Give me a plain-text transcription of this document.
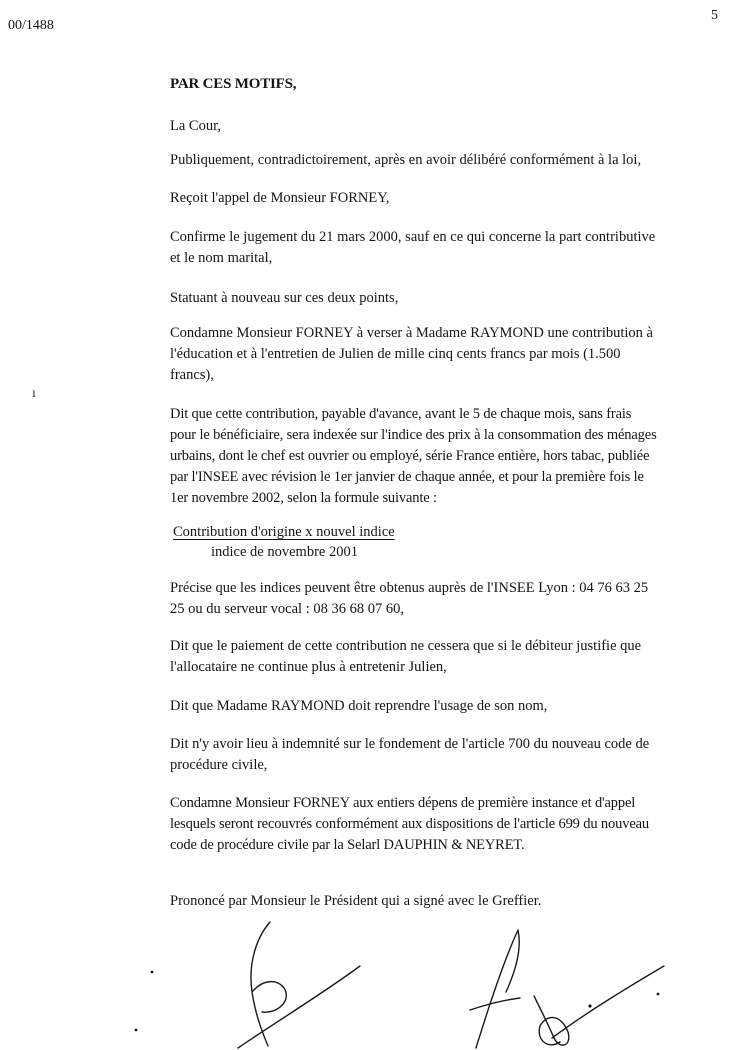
00/1488
5
PAR CES MOTIFS,
La Cour,
Publiquement, contradictoirement, après en avoir délibéré conformément à la loi,
Reçoit l'appel de Monsieur FORNEY,
Confirme le jugement du 21 mars 2000, sauf en ce qui concerne la part contributive
et le nom marital,
Statuant à nouveau sur ces deux points,
Condamne Monsieur FORNEY à verser à Madame RAYMOND une contribution à
l'éducation et à l'entretien de Julien de mille cinq cents francs par mois (1.500
francs),
Dit que cette contribution, payable d'avance, avant le 5 de chaque mois, sans frais
pour le bénéficiaire, sera indexée sur l'indice des prix à la consommation des ménages
urbains, dont le chef est ouvrier ou employé, série France entière, hors tabac, publiée
par l'INSEE avec révision le 1er janvier de chaque année, et pour la première fois le
1er novembre 2002, selon la formule suivante :
Contribution d'origine x nouvel indice
indice de novembre 2001
Précise que les indices peuvent être obtenus auprès de l'INSEE Lyon : 04 76 63 25
25 ou du serveur vocal : 08 36 68 07 60,
Dit que le paiement de cette contribution ne cessera que si le débiteur justifie que
l'allocataire ne continue plus à entretenir Julien,
Dit que Madame RAYMOND doit reprendre l'usage de son nom,
Dit n'y avoir lieu à indemnité sur le fondement de l'article 700 du nouveau code de
procédure civile,
Condamne Monsieur FORNEY aux entiers dépens de première instance et d'appel
lesquels seront recouvrés conformément aux dispositions de l'article 699 du nouveau
code de procédure civile par la Selarl DAUPHIN & NEYRET.
Prononcé par Monsieur le Président qui a signé avec le Greffier.
ı
